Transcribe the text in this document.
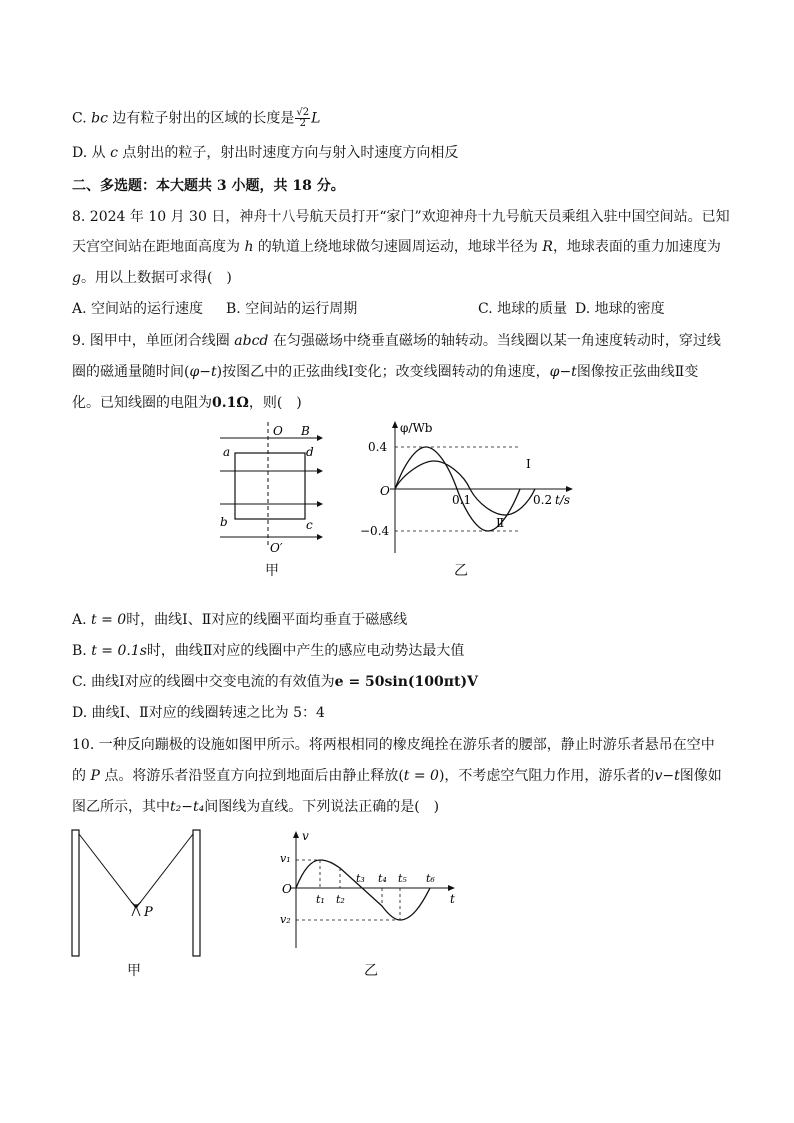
C. bc 边有粒子射出的区域的长度是 $\frac{√2}{2}$ L
D. 从 c 点射出的粒子，射出时速度方向与射入时速度方向相反
二、多选题：本大题共 3 小题，共 18 分。
8. 2024 年 10 月 30 日，神舟十八号航天员打开“家门”欢迎神舟十九号航天员乘组入驻中国空间站。已知
天宫空间站在距地面高度为 h 的轨道上绕地球做匀速圆周运动，地球半径为 R，地球表面的重力加速度为
g。用以上数据可求得(　)
A. 空间站的运行速度 B. 空间站的运行周期	C. 地球的质量 D. 地球的密度
9. 图甲中，单匝闭合线圈 abcd 在匀强磁场中绕垂直磁场的轴转动。当线圈以某一角速度转动时，穿过线
圈的磁通量随时间(φ−t)按图乙中的正弦曲线Ⅰ变化；改变线圈转动的角速度，φ−t图像按正弦曲线Ⅱ变
化。已知线圈的电阻为0.1Ω，则(　)
O B
a	d
b	c
O′
甲
φ/Wb
0.4
−0.4
O
0.1	0.2 t/s
Ⅰ
Ⅱ
乙
A. t = 0时，曲线Ⅰ、Ⅱ对应的线圈平面均垂直于磁感线
B. t = 0.1s时，曲线Ⅱ对应的线圈中产生的感应电动势达最大值
C. 曲线Ⅰ对应的线圈中交变电流的有效值为e = 50sin(100πt)V
D. 曲线Ⅰ、Ⅱ对应的线圈转速之比为 5：4
10. 一种反向蹦极的设施如图甲所示。将两根相同的橡皮绳拴在游乐者的腰部，静止时游乐者悬吊在空中
的 P 点。将游乐者沿竖直方向拉到地面后由静止释放(t = 0)，不考虑空气阻力作用，游乐者的v−t图像如
图乙所示，其中t₂−t₄间图线为直线。下列说法正确的是(　)
P
甲
v
v₁
v₂
O
t
t₁ t₂
t₃ t₄ t₅ t₆
乙
